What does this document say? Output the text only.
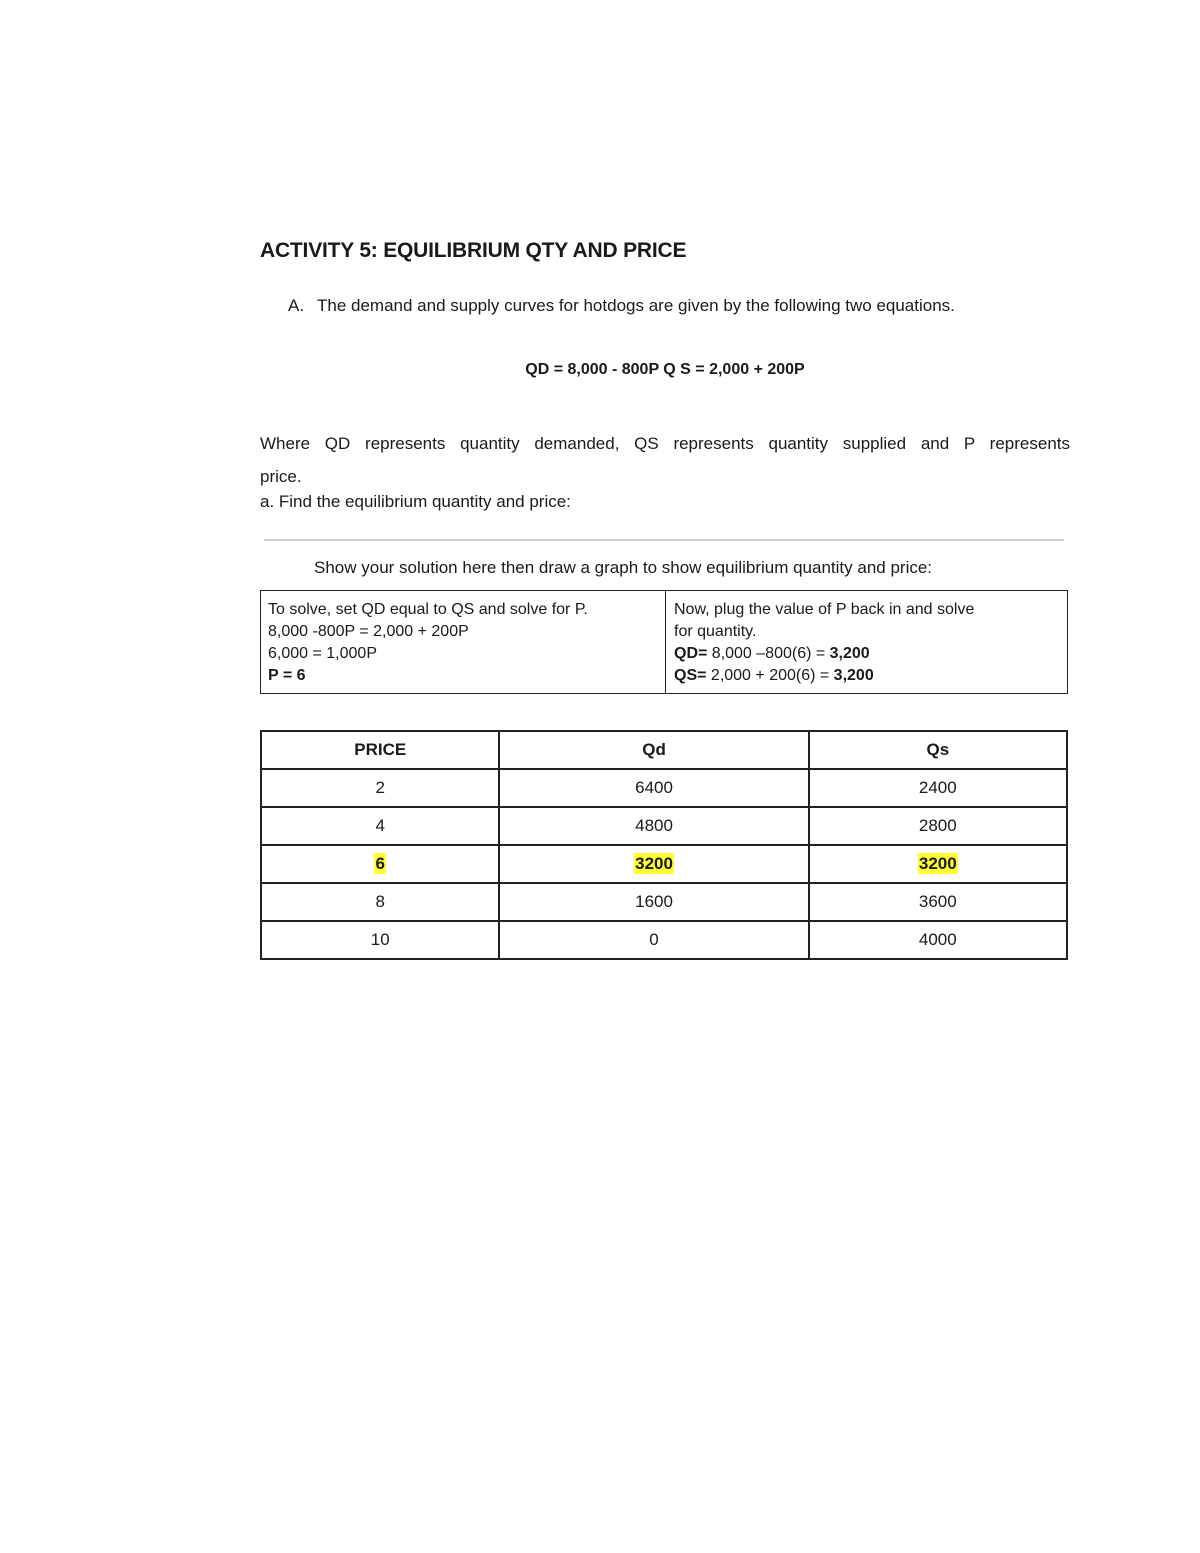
ACTIVITY 5: EQUILIBRIUM QTY AND PRICE
A. The demand and supply curves for hotdogs are given by the following two equations.
QD = 8,000 - 800P Q S = 2,000 + 200P
Where QD represents quantity demanded, QS represents quantity supplied and P represents
price.
a. Find the equilibrium quantity and price:
Show your solution here then draw a graph to show equilibrium quantity and price:
To solve, set QD equal to QS and solve for P.
8,000 -800P = 2,000 + 200P
6,000 = 1,000P
P = 6
Now, plug the value of P back in and solve
for quantity.
QD= 8,000 –800(6) = 3,200
QS= 2,000 + 200(6) = 3,200
PRICE	Qd	Qs
2	6400	2400
4	4800	2800
6	3200	3200
8	1600	3600
10	0	4000
